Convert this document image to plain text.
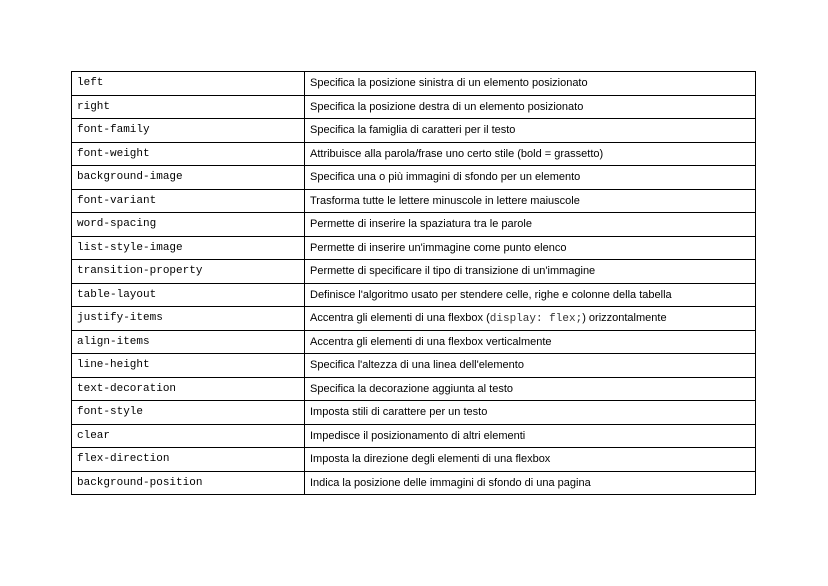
left	Specifica la posizione sinistra di un elemento posizionato
right	Specifica la posizione destra di un elemento posizionato
font-family	Specifica la famiglia di caratteri per il testo
font-weight	Attribuisce alla parola/frase uno certo stile (bold = grassetto)
background-image	Specifica una o più immagini di sfondo per un elemento
font-variant	Trasforma tutte le lettere minuscole in lettere maiuscole
word-spacing	Permette di inserire la spaziatura tra le parole
list-style-image	Permette di inserire un'immagine come punto elenco
transition-property	Permette di specificare il tipo di transizione di un'immagine
table-layout	Definisce l'algoritmo usato per stendere celle, righe e colonne della tabella
justify-items	Accentra gli elementi di una flexbox (display: flex;) orizzontalmente
align-items	Accentra gli elementi di una flexbox verticalmente
line-height	Specifica l'altezza di una linea dell'elemento
text-decoration	Specifica la decorazione aggiunta al testo
font-style	Imposta stili di carattere per un testo
clear	Impedisce il posizionamento di altri elementi
flex-direction	Imposta la direzione degli elementi di una flexbox
background-position	Indica la posizione delle immagini di sfondo di una pagina
